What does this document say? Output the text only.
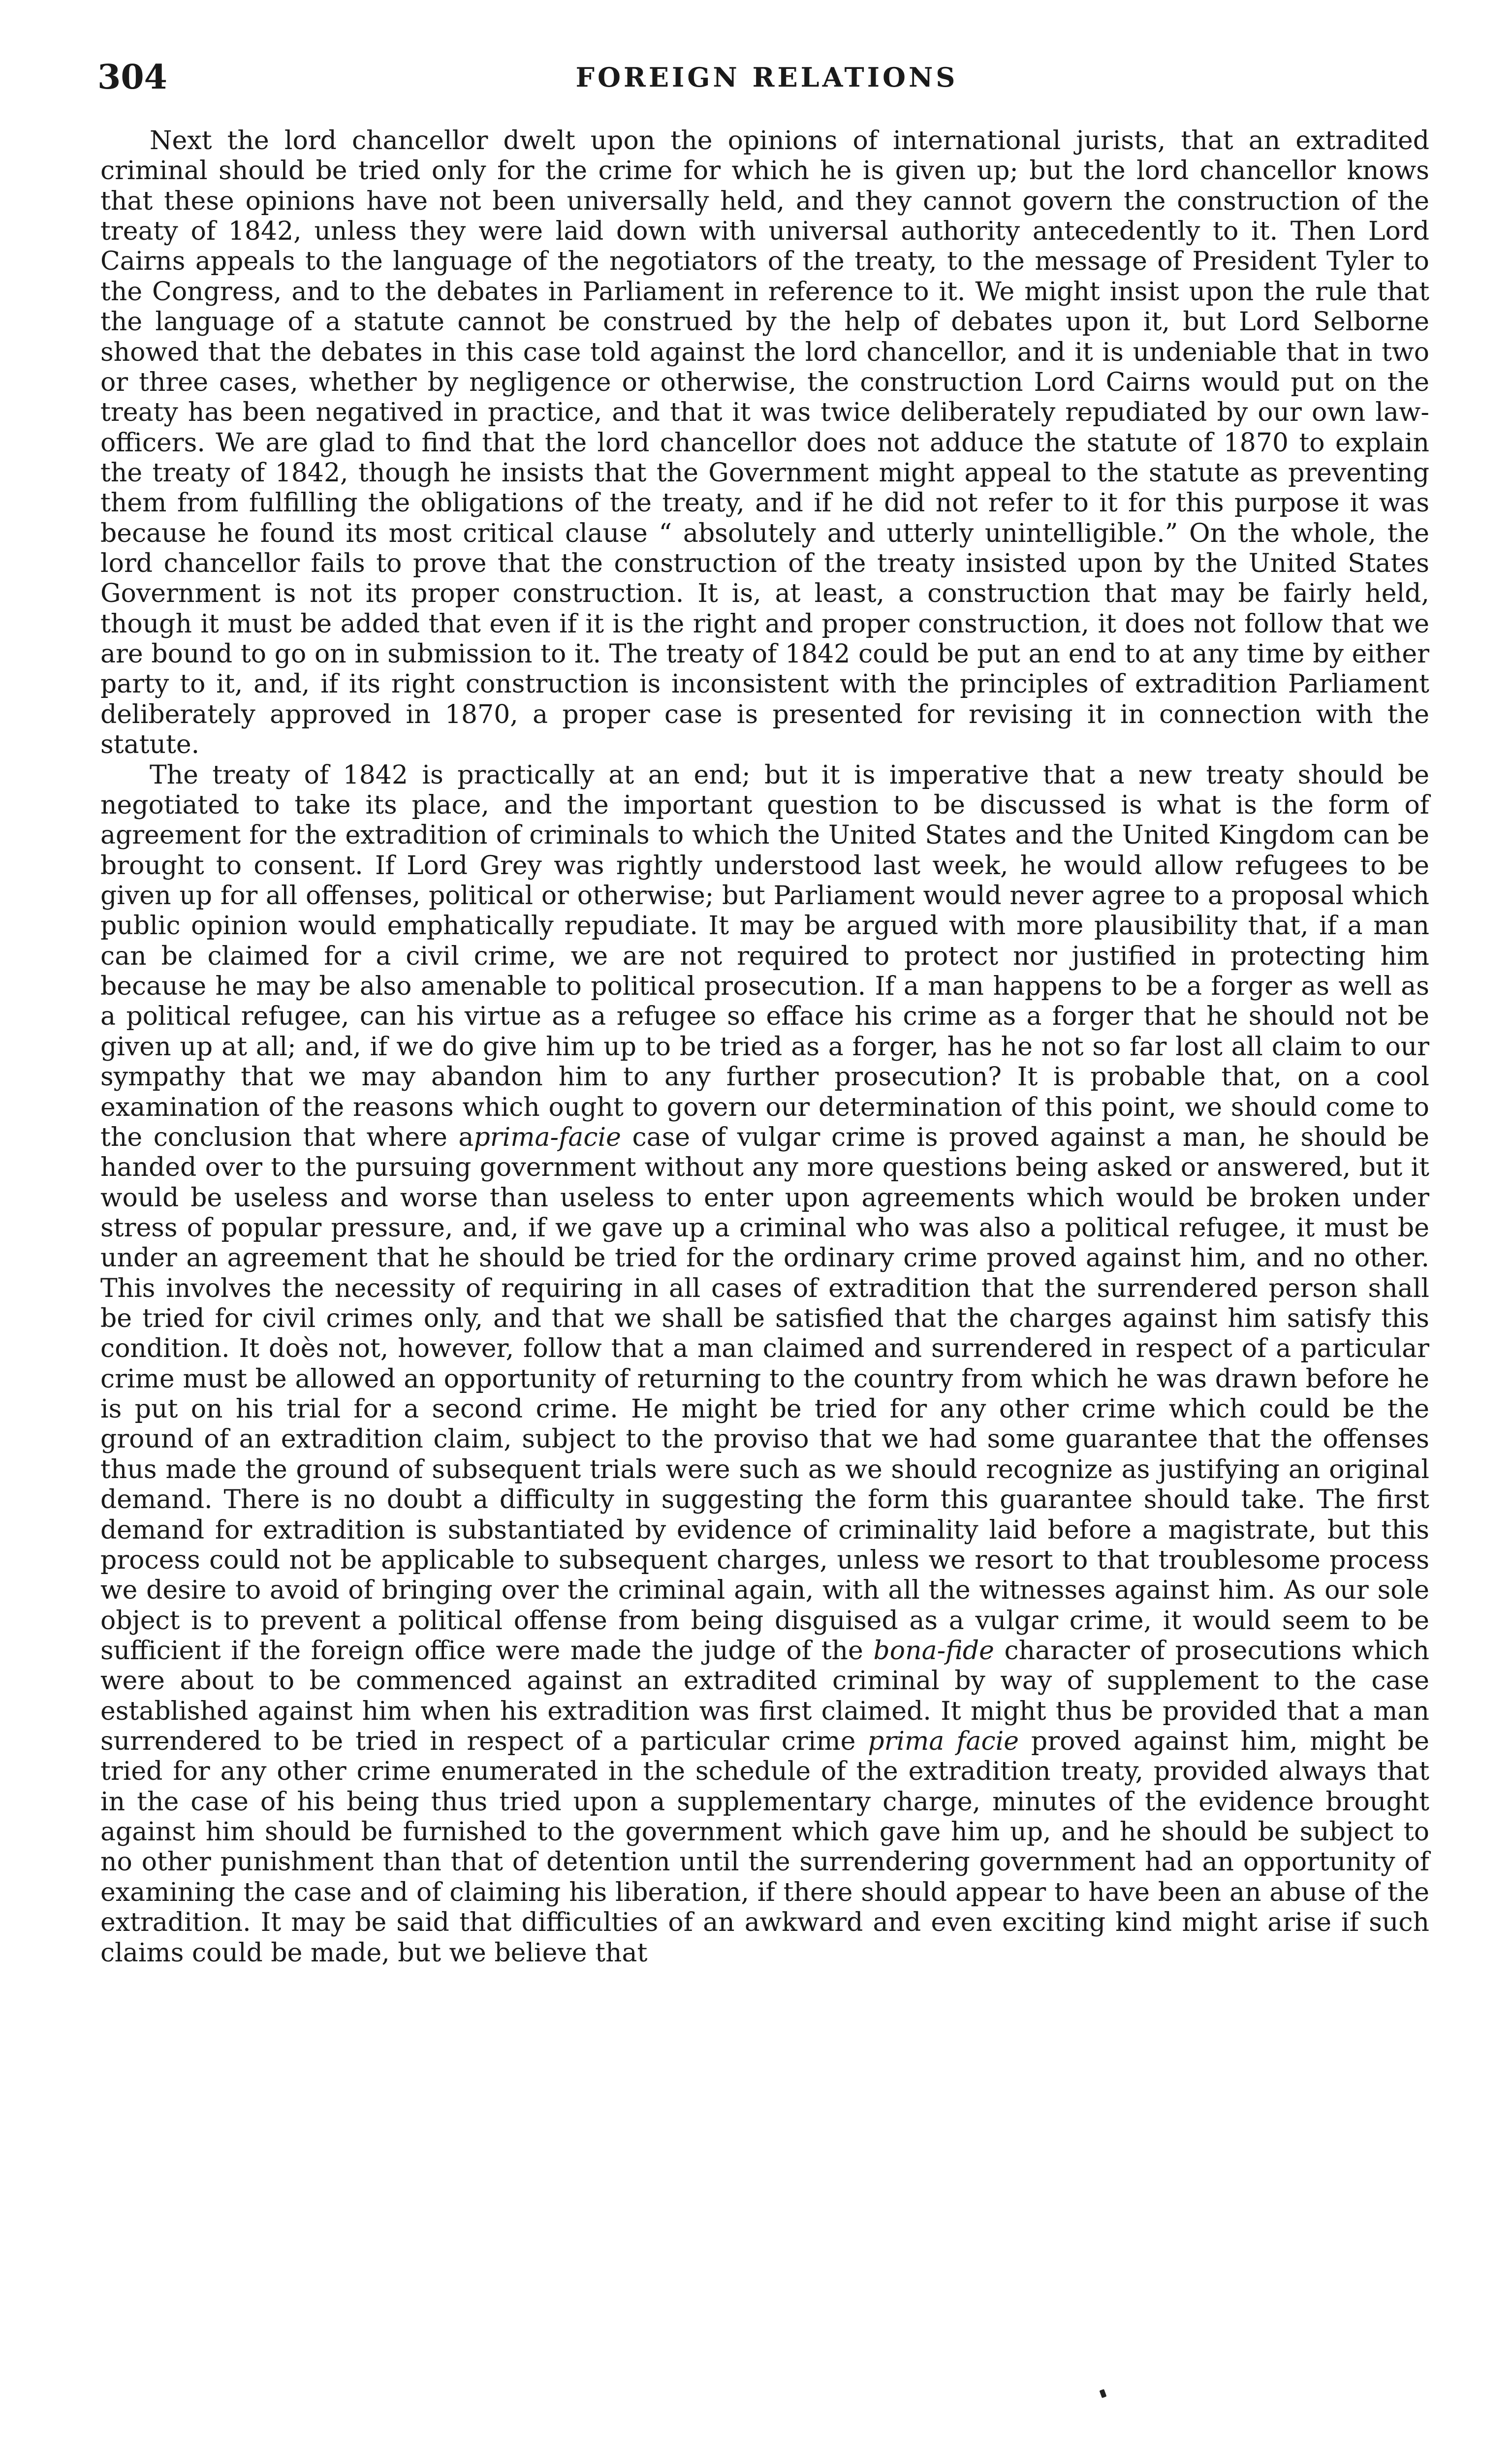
304	FOREIGN RELATIONS

Next the lord chancellor dwelt upon the opinions of international jurists, that an extradited criminal should be tried only for the crime for which he is given up; but the lord chancellor knows that these opinions have not been universally held, and they cannot govern the construction of the treaty of 1842, unless they were laid down with universal authority antecedently to it. Then Lord Cairns appeals to the language of the negotiators of the treaty, to the message of President Tyler to the Congress, and to the debates in Parliament in reference to it. We might insist upon the rule that the language of a statute cannot be construed by the help of debates upon it, but Lord Selborne showed that the debates in this case told against the lord chancellor, and it is undeniable that in two or three cases, whether by negligence or otherwise, the construction Lord Cairns would put on the treaty has been negatived in practice, and that it was twice deliberately repudiated by our own law-officers. We are glad to find that the lord chancellor does not adduce the statute of 1870 to explain the treaty of 1842, though he insists that the Government might appeal to the statute as preventing them from fulfilling the obligations of the treaty, and if he did not refer to it for this purpose it was because he found its most critical clause “ absolutely and utterly unintelligible.” On the whole, the lord chancellor fails to prove that the construction of the treaty insisted upon by the United States Government is not its proper construction. It is, at least, a construction that may be fairly held, though it must be added that even if it is the right and proper construction, it does not follow that we are bound to go on in submission to it. The treaty of 1842 could be put an end to at any time by either party to it, and, if its right construction is inconsistent with the principles of extradition Parliament deliberately approved in 1870, a proper case is presented for revising it in connection with the statute.

The treaty of 1842 is practically at an end; but it is imperative that a new treaty should be negotiated to take its place, and the important question to be discussed is what is the form of agreement for the extradition of criminals to which the United States and the United Kingdom can be brought to consent. If Lord Grey was rightly understood last week, he would allow refugees to be given up for all offenses, political or otherwise; but Parliament would never agree to a proposal which public opinion would emphatically repudiate. It may be argued with more plausibility that, if a man can be claimed for a civil crime, we are not required to protect nor justified in protecting him because he may be also amenable to political prosecution. If a man happens to be a forger as well as a political refugee, can his virtue as a refugee so efface his crime as a forger that he should not be given up at all; and, if we do give him up to be tried as a forger, has he not so far lost all claim to our sympathy that we may abandon him to any further prosecution? It is probable that, on a cool examination of the reasons which ought to govern our determination of this point, we should come to the conclusion that where aprima-facie case of vulgar crime is proved against a man, he should be handed over to the pursuing government without any more questions being asked or answered, but it would be useless and worse than useless to enter upon agreements which would be broken under stress of popular pressure, and, if we gave up a criminal who was also a political refugee, it must be under an agreement that he should be tried for the ordinary crime proved against him, and no other. This involves the necessity of requiring in all cases of extradition that the surrendered person shall be tried for civil crimes only, and that we shall be satisfied that the charges against him satisfy this condition. It doès not, however, follow that a man claimed and surrendered in respect of a particular crime must be allowed an opportunity of returning to the country from which he was drawn before he is put on his trial for a second crime. He might be tried for any other crime which could be the ground of an extradition claim, subject to the proviso that we had some guarantee that the offenses thus made the ground of subsequent trials were such as we should recognize as justifying an original demand. There is no doubt a difficulty in suggesting the form this guarantee should take. The first demand for extradition is substantiated by evidence of criminality laid before a magistrate, but this process could not be applicable to subsequent charges, unless we resort to that troublesome process we desire to avoid of bringing over the criminal again, with all the witnesses against him. As our sole object is to prevent a political offense from being disguised as a vulgar crime, it would seem to be sufficient if the foreign office were made the judge of the bona-fide character of prosecutions which were about to be commenced against an extradited criminal by way of supplement to the case established against him when his extradition was first claimed. It might thus be provided that a man surrendered to be tried in respect of a particular crime prima facie proved against him, might be tried for any other crime enumerated in the schedule of the extradition treaty, provided always that in the case of his being thus tried upon a supplementary charge, minutes of the evidence brought against him should be furnished to the government which gave him up, and he should be subject to no other punishment than that of detention until the surrendering government had an opportunity of examining the case and of claiming his liberation, if there should appear to have been an abuse of the extradition. It may be said that difficulties of an awkward and even exciting kind might arise if such claims could be made, but we believe that
